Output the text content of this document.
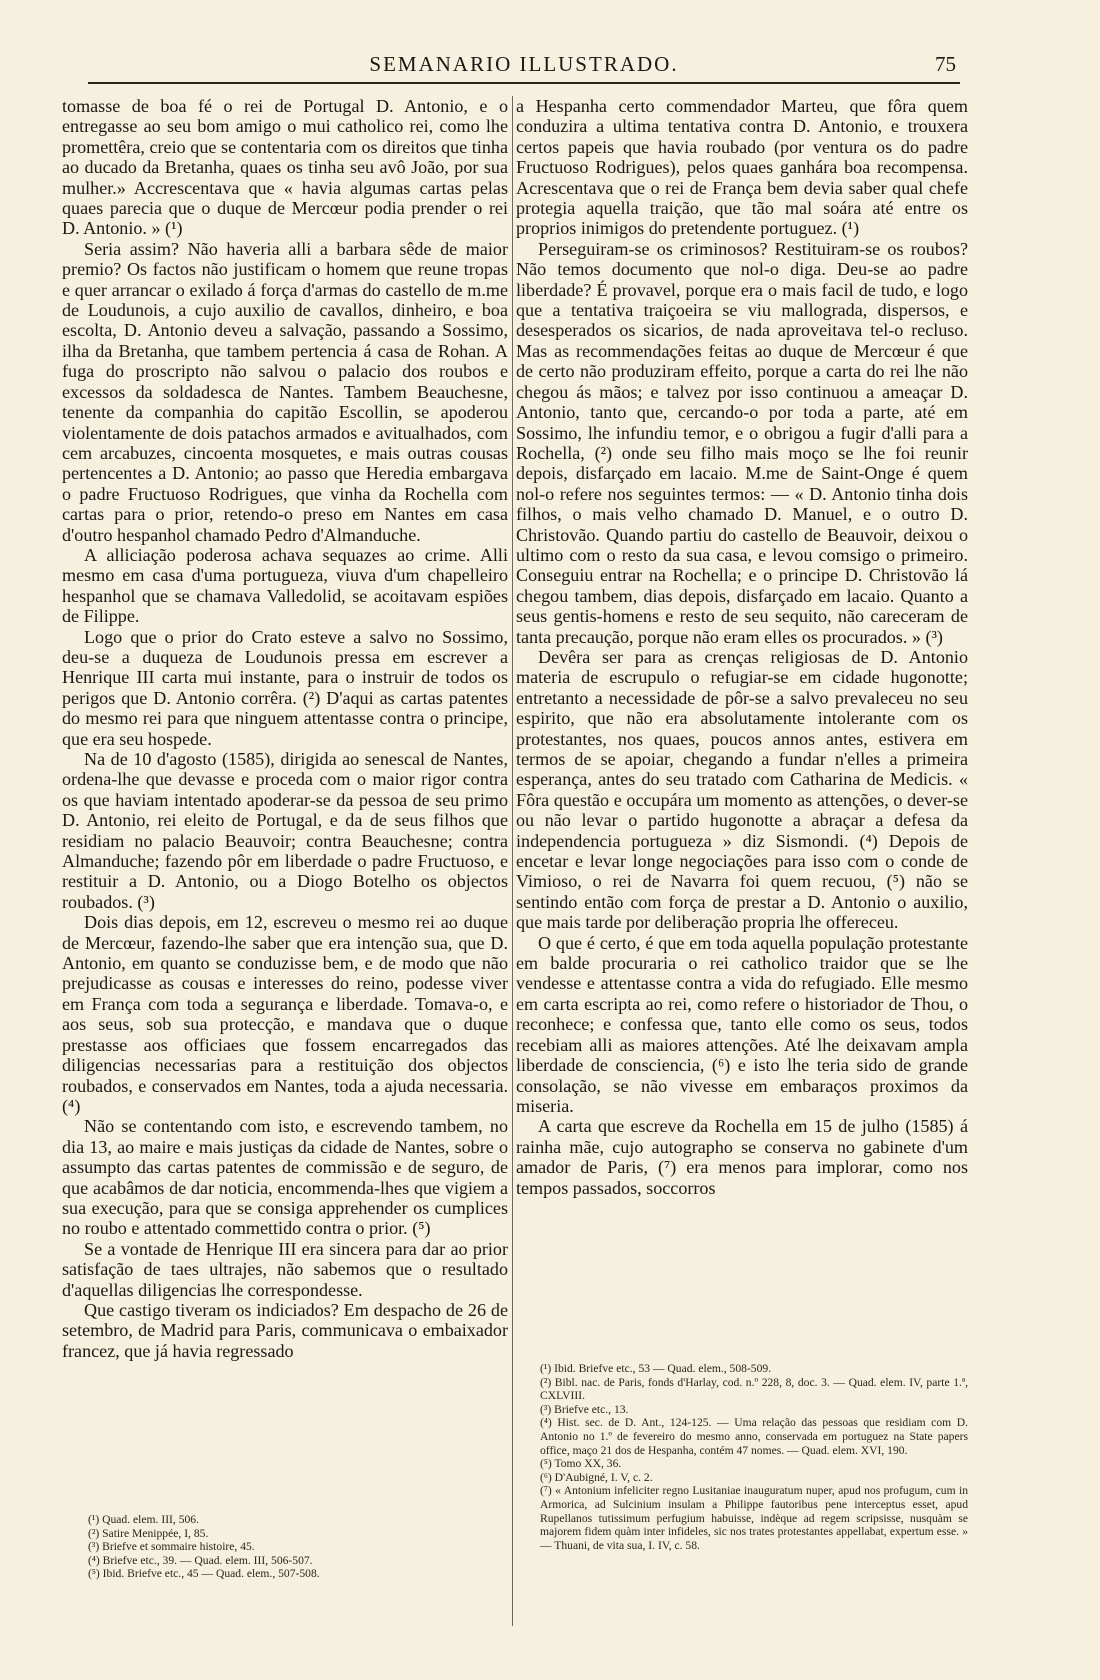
SEMANARIO ILLUSTRADO.	75

tomasse de boa fé o rei de Portugal D. Antonio, e o entregasse ao seu bom amigo o mui catholico rei, como lhe promettêra, creio que se contentaria com os direitos que tinha ao ducado da Bretanha, quaes os tinha seu avô João, por sua mulher.» Accrescentava que « havia algumas cartas pelas quaes parecia que o duque de Mercœur podia prender o rei D. Antonio. » (¹)

Seria assim? Não haveria alli a barbara sêde de maior premio? Os factos não justificam o homem que reune tropas e quer arrancar o exilado á força d'armas do castello de m.me de Loudunois, a cujo auxilio de cavallos, dinheiro, e boa escolta, D. Antonio deveu a salvação, passando a Sossimo, ilha da Bretanha, que tambem pertencia á casa de Rohan. A fuga do proscripto não salvou o palacio dos roubos e excessos da soldadesca de Nantes. Tambem Beauchesne, tenente da companhia do capitão Escollin, se apoderou violentamente de dois patachos armados e avitualhados, com cem arcabuzes, cincoenta mosquetes, e mais outras cousas pertencentes a D. Antonio; ao passo que Heredia embargava o padre Fructuoso Rodrigues, que vinha da Rochella com cartas para o prior, retendo-o preso em Nantes em casa d'outro hespanhol chamado Pedro d'Almanduche.

A alliciação poderosa achava sequazes ao crime. Alli mesmo em casa d'uma portugueza, viuva d'um chapelleiro hespanhol que se chamava Valledolid, se acoitavam espiões de Filippe.

Logo que o prior do Crato esteve a salvo no Sossimo, deu-se a duqueza de Loudunois pressa em escrever a Henrique III carta mui instante, para o instruir de todos os perigos que D. Antonio corrêra. (²) D'aqui as cartas patentes do mesmo rei para que ninguem attentasse contra o principe, que era seu hospede.

Na de 10 d'agosto (1585), dirigida ao senescal de Nantes, ordena-lhe que devasse e proceda com o maior rigor contra os que haviam intentado apoderar-se da pessoa de seu primo D. Antonio, rei eleito de Portugal, e da de seus filhos que residiam no palacio Beauvoir; contra Beauchesne; contra Almanduche; fazendo pôr em liberdade o padre Fructuoso, e restituir a D. Antonio, ou a Diogo Botelho os objectos roubados. (³)

Dois dias depois, em 12, escreveu o mesmo rei ao duque de Mercœur, fazendo-lhe saber que era intenção sua, que D. Antonio, em quanto se conduzisse bem, e de modo que não prejudicasse as cousas e interesses do reino, podesse viver em França com toda a segurança e liberdade. Tomava-o, e aos seus, sob sua protecção, e mandava que o duque prestasse aos officiaes que fossem encarregados das diligencias necessarias para a restituição dos objectos roubados, e conservados em Nantes, toda a ajuda necessaria. (⁴)

Não se contentando com isto, e escrevendo tambem, no dia 13, ao maire e mais justiças da cidade de Nantes, sobre o assumpto das cartas patentes de commissão e de seguro, de que acabâmos de dar noticia, encommenda-lhes que vigiem a sua execução, para que se consiga apprehender os cumplices no roubo e attentado commettido contra o prior. (⁵)

Se a vontade de Henrique III era sincera para dar ao prior satisfação de taes ultrajes, não sabemos que o resultado d'aquellas diligencias lhe correspondesse.

Que castigo tiveram os indiciados? Em despacho de 26 de setembro, de Madrid para Paris, communicava o embaixador francez, que já havia regressado

a Hespanha certo commendador Marteu, que fôra quem conduzira a ultima tentativa contra D. Antonio, e trouxera certos papeis que havia roubado (por ventura os do padre Fructuoso Rodrigues), pelos quaes ganhára boa recompensa. Acrescentava que o rei de França bem devia saber qual chefe protegia aquella traição, que tão mal soára até entre os proprios inimigos do pretendente portuguez. (¹)

Perseguiram-se os criminosos? Restituiram-se os roubos? Não temos documento que nol-o diga. Deu-se ao padre liberdade? É provavel, porque era o mais facil de tudo, e logo que a tentativa traiçoeira se viu mallograda, dispersos, e desesperados os sicarios, de nada aproveitava tel-o recluso. Mas as recommendações feitas ao duque de Mercœur é que de certo não produziram effeito, porque a carta do rei lhe não chegou ás mãos; e talvez por isso continuou a ameaçar D. Antonio, tanto que, cercando-o por toda a parte, até em Sossimo, lhe infundiu temor, e o obrigou a fugir d'alli para a Rochella, (²) onde seu filho mais moço se lhe foi reunir depois, disfarçado em lacaio. M.me de Saint-Onge é quem nol-o refere nos seguintes termos: — « D. Antonio tinha dois filhos, o mais velho chamado D. Manuel, e o outro D. Christovão. Quando partiu do castello de Beauvoir, deixou o ultimo com o resto da sua casa, e levou comsigo o primeiro. Conseguiu entrar na Rochella; e o principe D. Christovão lá chegou tambem, dias depois, disfarçado em lacaio. Quanto a seus gentis-homens e resto de seu sequito, não careceram de tanta precaução, porque não eram elles os procurados. » (³)

Devêra ser para as crenças religiosas de D. Antonio materia de escrupulo o refugiar-se em cidade hugonotte; entretanto a necessidade de pôr-se a salvo prevaleceu no seu espirito, que não era absolutamente intolerante com os protestantes, nos quaes, poucos annos antes, estivera em termos de se apoiar, chegando a fundar n'elles a primeira esperança, antes do seu tratado com Catharina de Medicis. « Fôra questão e occupára um momento as attenções, o dever-se ou não levar o partido hugonotte a abraçar a defesa da independencia portugueza » diz Sismondi. (⁴) Depois de encetar e levar longe negociações para isso com o conde de Vimioso, o rei de Navarra foi quem recuou, (⁵) não se sentindo então com força de prestar a D. Antonio o auxilio, que mais tarde por deliberação propria lhe offereceu.

O que é certo, é que em toda aquella população protestante em balde procuraria o rei catholico traidor que se lhe vendesse e attentasse contra a vida do refugiado. Elle mesmo em carta escripta ao rei, como refere o historiador de Thou, o reconhece; e confessa que, tanto elle como os seus, todos recebiam alli as maiores attenções. Até lhe deixavam ampla liberdade de consciencia, (⁶) e isto lhe teria sido de grande consolação, se não vivesse em embaraços proximos da miseria.

A carta que escreve da Rochella em 15 de julho (1585) á rainha mãe, cujo autographo se conserva no gabinete d'um amador de Paris, (⁷) era menos para implorar, como nos tempos passados, soccorros

(¹) Quad. elem. III, 506.
(²) Satire Menippée, I, 85.
(³) Briefve et sommaire histoire, 45.
(⁴) Briefve etc., 39. — Quad. elem. III, 506-507.
(⁵) Ibid. Briefve etc., 45 — Quad. elem., 507-508.
(¹) Ibid. Briefve etc., 53 — Quad. elem., 508-509.
(²) Bibl. nac. de Paris, fonds d'Harlay, cod. n.º 228, 8, doc. 3. — Quad. elem. IV, parte 1.ª, CXLVIII.
(³) Briefve etc., 13.
(⁴) Hist. sec. de D. Ant., 124-125. — Uma relação das pessoas que residiam com D. Antonio no 1.º de fevereiro do mesmo anno, conservada em portuguez na State papers office, maço 21 dos de Hespanha, contém 47 nomes. — Quad. elem. XVI, 190.
(⁵) Tomo XX, 36.
(⁶) D'Aubigné, I. V, c. 2.
(⁷) « Antonium infeliciter regno Lusitaniae inauguratum nuper, apud nos profugum, cum in Armorica, ad Sulcinium insulam a Philippe fautoribus pene interceptus esset, apud Rupellanos tutissimum perfugium habuisse, indèque ad regem scripsisse, nusquàm se majorem fidem quàm inter infideles, sic nos trates protestantes appellabat, expertum esse. » — Thuani, de vita sua, I. IV, c. 58.
